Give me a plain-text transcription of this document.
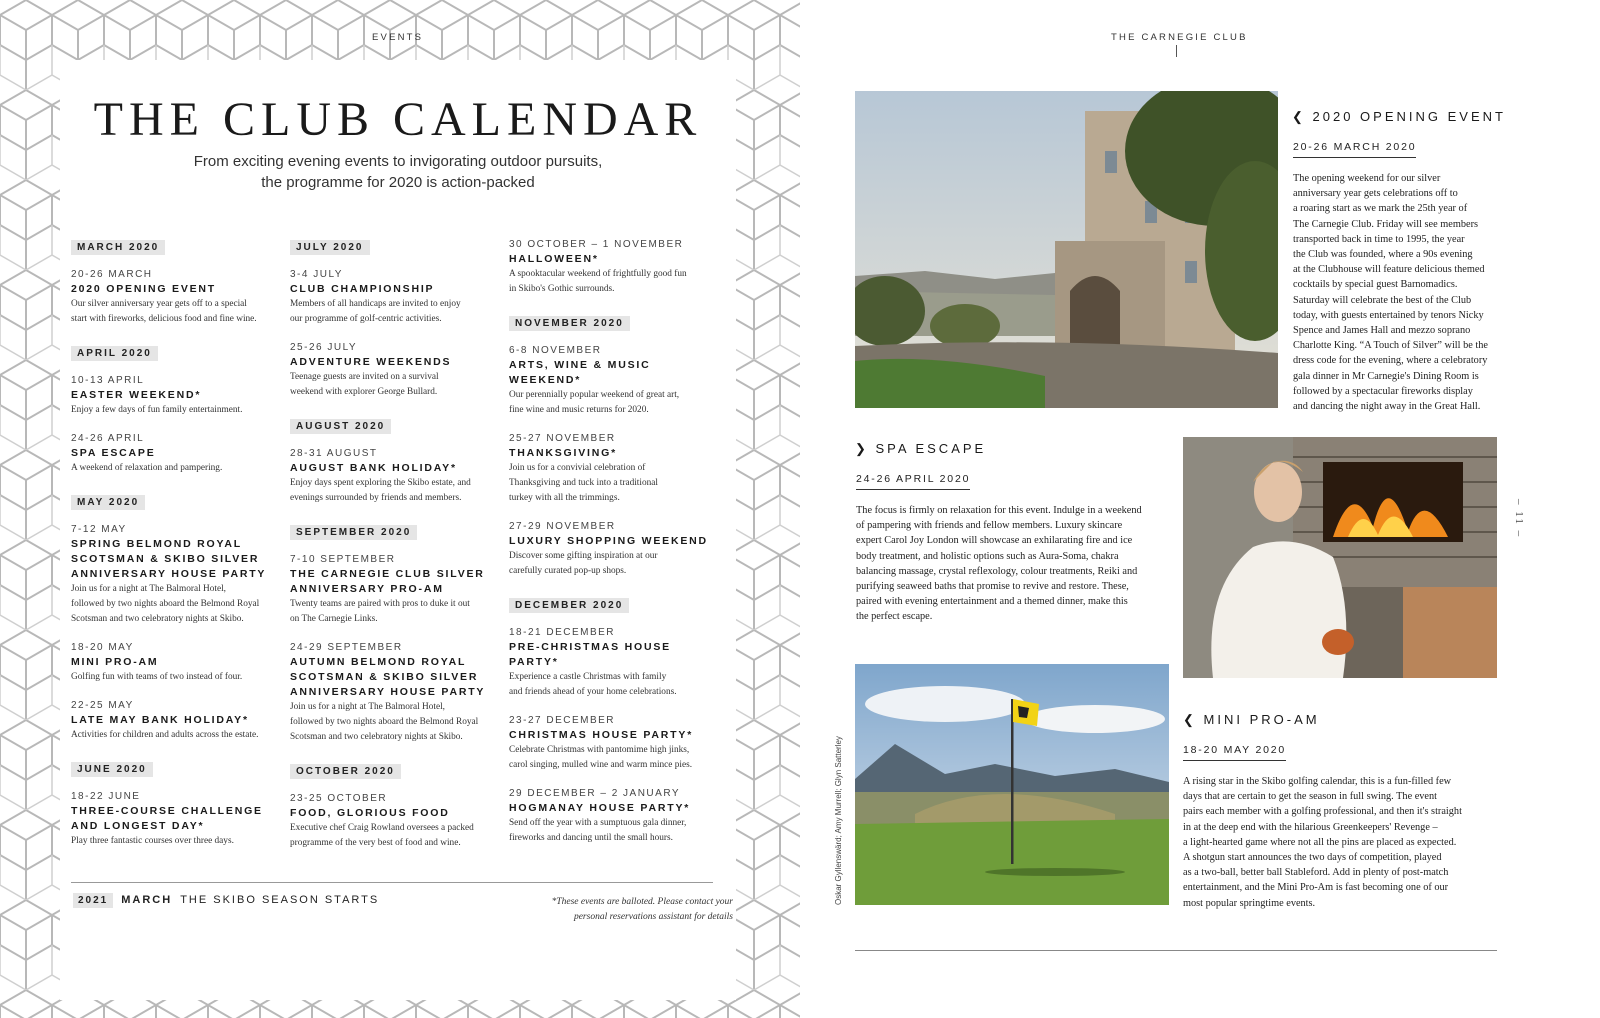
EVENTS
THE CLUB CALENDAR
From exciting evening events to invigorating outdoor pursuits,
the programme for 2020 is action-packed
MARCH 2020
20-26 MARCH
2020 OPENING EVENT
Our silver anniversary year gets off to a special
start with fireworks, delicious food and fine wine.
APRIL 2020
10-13 APRIL
EASTER WEEKEND*
Enjoy a few days of fun family entertainment.
24-26 APRIL
SPA ESCAPE
A weekend of relaxation and pampering.
MAY 2020
7-12 MAY
SPRING BELMOND ROYAL
SCOTSMAN & SKIBO SILVER
ANNIVERSARY HOUSE PARTY
Join us for a night at The Balmoral Hotel,
followed by two nights aboard the Belmond Royal
Scotsman and two celebratory nights at Skibo.
18-20 MAY
MINI PRO-AM
Golfing fun with teams of two instead of four.
22-25 MAY
LATE MAY BANK HOLIDAY*
Activities for children and adults across the estate.
JUNE 2020
18-22 JUNE
THREE-COURSE CHALLENGE
AND LONGEST DAY*
Play three fantastic courses over three days.
JULY 2020
3-4 JULY
CLUB CHAMPIONSHIP
Members of all handicaps are invited to enjoy
our programme of golf-centric activities.
25-26 JULY
ADVENTURE WEEKENDS
Teenage guests are invited on a survival
weekend with explorer George Bullard.
AUGUST 2020
28-31 AUGUST
AUGUST BANK HOLIDAY*
Enjoy days spent exploring the Skibo estate, and
evenings surrounded by friends and members.
SEPTEMBER 2020
7-10 SEPTEMBER
THE CARNEGIE CLUB SILVER
ANNIVERSARY PRO-AM
Twenty teams are paired with pros to duke it out
on The Carnegie Links.
24-29 SEPTEMBER
AUTUMN BELMOND ROYAL
SCOTSMAN & SKIBO SILVER
ANNIVERSARY HOUSE PARTY
Join us for a night at The Balmoral Hotel,
followed by two nights aboard the Belmond Royal
Scotsman and two celebratory nights at Skibo.
OCTOBER 2020
23-25 OCTOBER
FOOD, GLORIOUS FOOD
Executive chef Craig Rowland oversees a packed
programme of the very best of food and wine.
30 OCTOBER – 1 NOVEMBER
HALLOWEEN*
A spooktacular weekend of frightfully good fun
in Skibo's Gothic surrounds.
NOVEMBER 2020
6-8 NOVEMBER
ARTS, WINE & MUSIC
WEEKEND*
Our perennially popular weekend of great art,
fine wine and music returns for 2020.
25-27 NOVEMBER
THANKSGIVING*
Join us for a convivial celebration of
Thanksgiving and tuck into a traditional
turkey with all the trimmings.
27-29 NOVEMBER
LUXURY SHOPPING WEEKEND
Discover some gifting inspiration at our
carefully curated pop-up shops.
DECEMBER 2020
18-21 DECEMBER
PRE-CHRISTMAS HOUSE
PARTY*
Experience a castle Christmas with family
and friends ahead of your home celebrations.
23-27 DECEMBER
CHRISTMAS HOUSE PARTY*
Celebrate Christmas with pantomime high jinks,
carol singing, mulled wine and warm mince pies.
29 DECEMBER – 2 JANUARY
HOGMANAY HOUSE PARTY*
Send off the year with a sumptuous gala dinner,
fireworks and dancing until the small hours.
2021 MARCH THE SKIBO SEASON STARTS	*These events are balloted. Please contact your
personal reservations assistant for details
THE CARNEGIE CLUB
❮ 2020 OPENING EVENT
20-26 MARCH 2020
The opening weekend for our silver
anniversary year gets celebrations off to
a roaring start as we mark the 25th year of
The Carnegie Club. Friday will see members
transported back in time to 1995, the year
the Club was founded, where a 90s evening
at the Clubhouse will feature delicious themed
cocktails by special guest Barnomadics.
Saturday will celebrate the best of the Club
today, with guests entertained by tenors Nicky
Spence and James Hall and mezzo soprano
Charlotte King. “A Touch of Silver” will be the
dress code for the evening, where a celebratory
gala dinner in Mr Carnegie's Dining Room is
followed by a spectacular fireworks display
and dancing the night away in the Great Hall.
❯ SPA ESCAPE
24-26 APRIL 2020
The focus is firmly on relaxation for this event. Indulge in a weekend
of pampering with friends and fellow members. Luxury skincare
expert Carol Joy London will showcase an exhilarating fire and ice
body treatment, and holistic options such as Aura-Soma, chakra
balancing massage, crystal reflexology, colour treatments, Reiki and
purifying seaweed baths that promise to revive and restore. These,
paired with evening entertainment and a themed dinner, make this
the perfect escape.
❮ MINI PRO-AM
18-20 MAY 2020
A rising star in the Skibo golfing calendar, this is a fun-filled few
days that are certain to get the season in full swing. The event
pairs each member with a golfing professional, and then it's straight
in at the deep end with the hilarious Greenkeepers' Revenge –
a light-hearted game where not all the pins are placed as expected.
A shotgun start announces the two days of competition, played
as a two-ball, better ball Stableford. Add in plenty of post-match
entertainment, and the Mini Pro-Am is fast becoming one of our
most popular springtime events.
Oskar Gyllenswärd; Amy Murrell; Glyn Satterley
– 11 –
